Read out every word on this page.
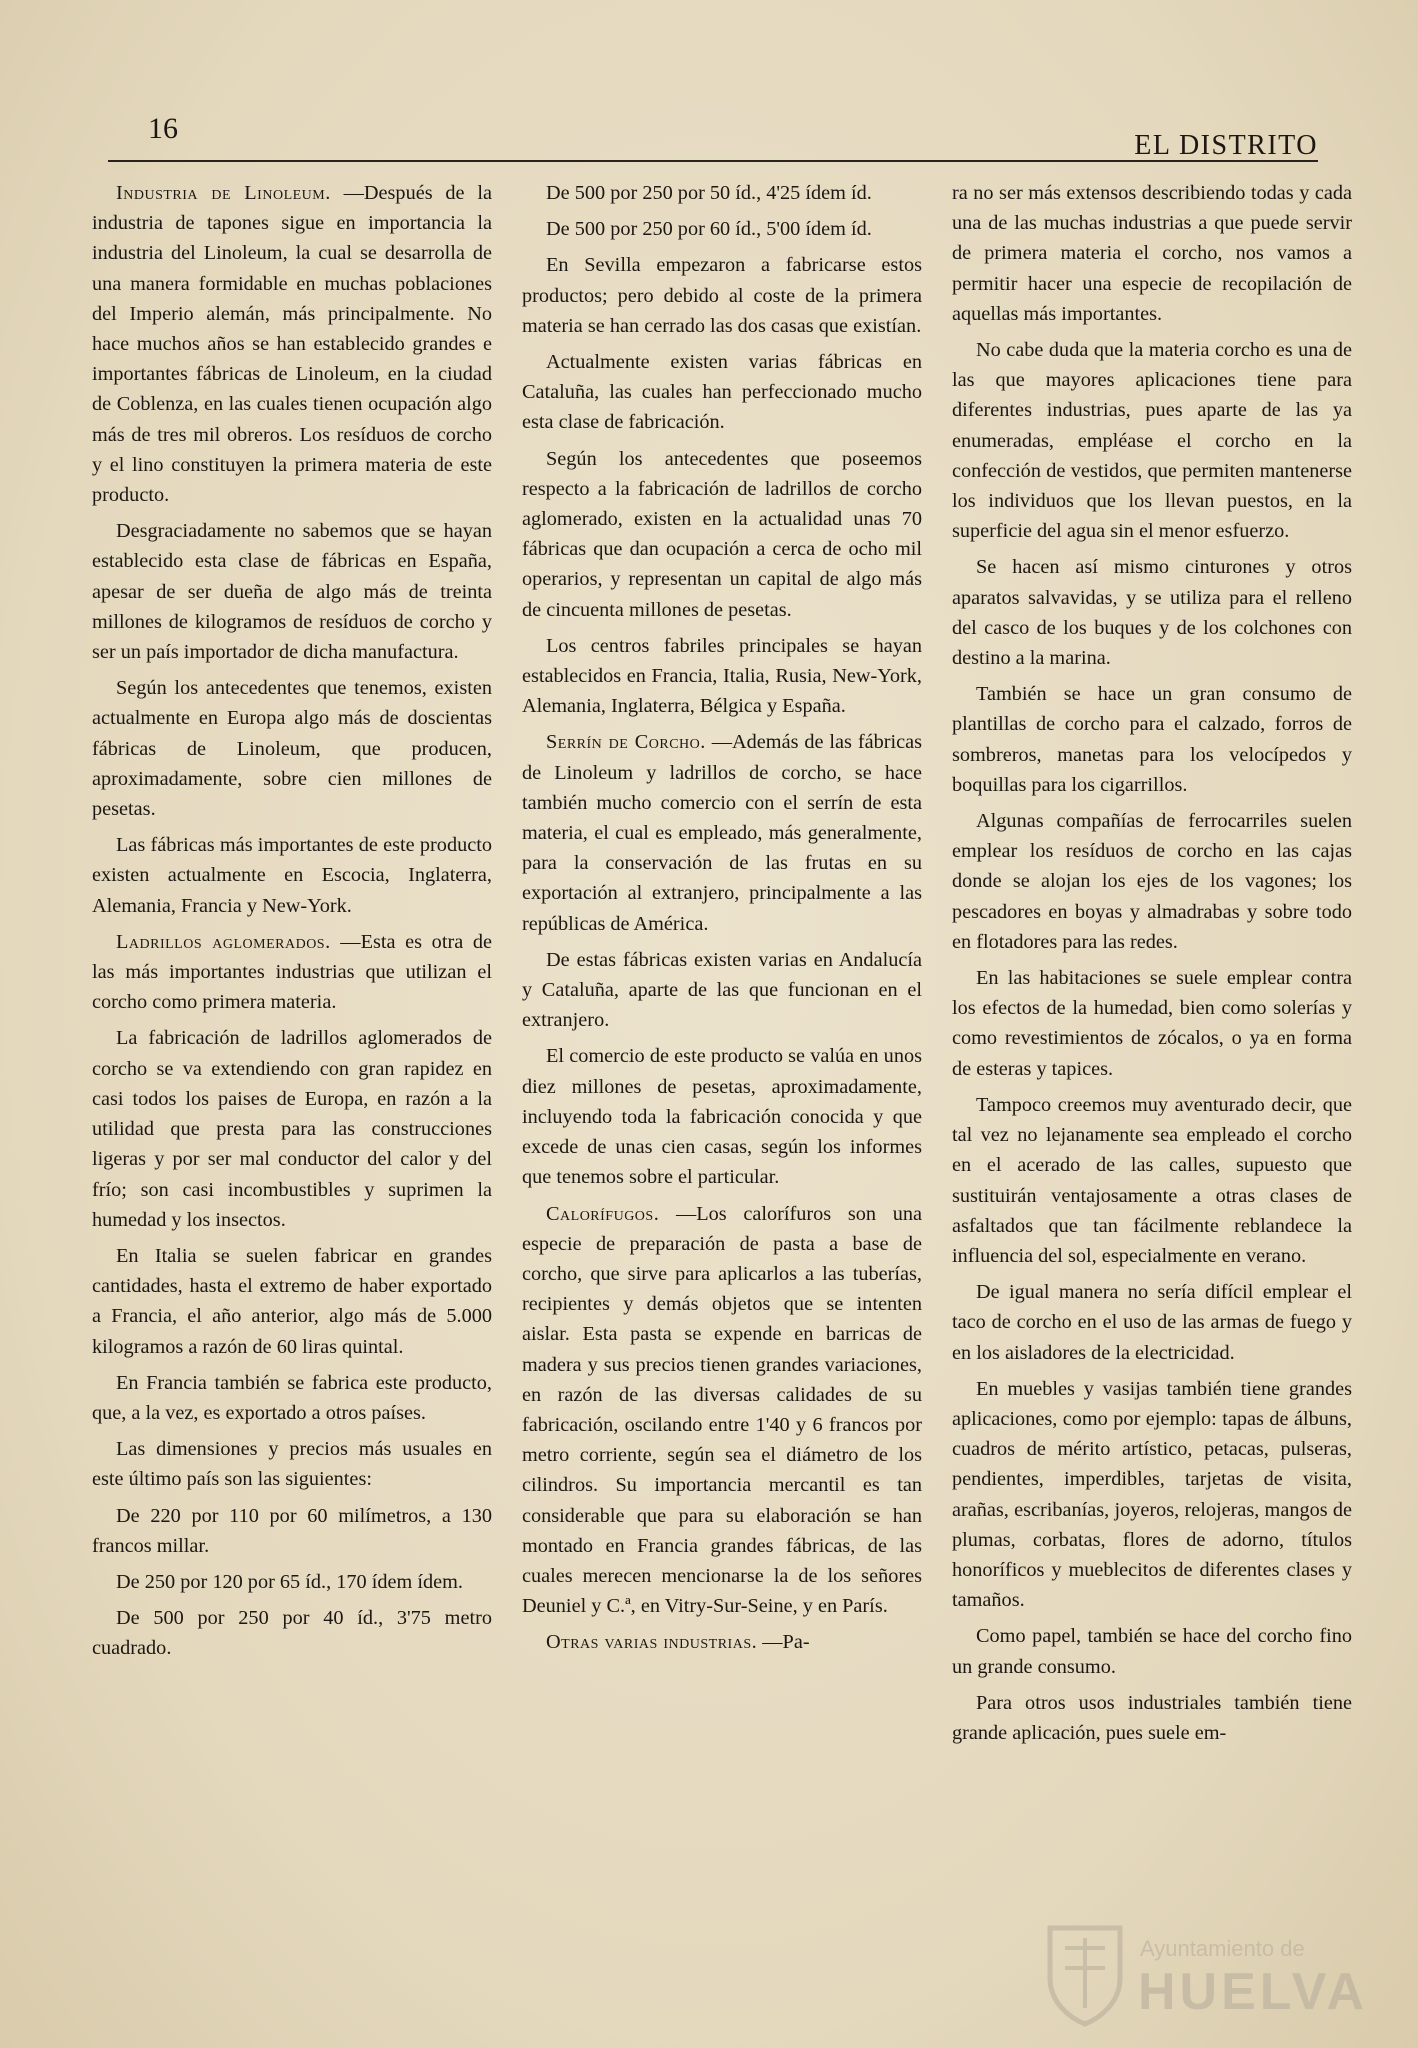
16
EL DISTRITO

Industria de Linoleum. —Después de la industria de tapones sigue en importancia la industria del Linoleum, la cual se desarrolla de una manera formidable en muchas poblaciones del Imperio alemán, más principalmente. No hace muchos años se han establecido grandes e importantes fábricas de Linoleum, en la ciudad de Coblenza, en las cuales tienen ocupación algo más de tres mil obreros. Los resíduos de corcho y el lino constituyen la primera materia de este producto.

Desgraciadamente no sabemos que se hayan establecido esta clase de fábricas en España, apesar de ser dueña de algo más de treinta millones de kilogramos de resíduos de corcho y ser un país importador de dicha manufactura.

Según los antecedentes que tenemos, existen actualmente en Europa algo más de doscientas fábricas de Linoleum, que producen, aproximadamente, sobre cien millones de pesetas.

Las fábricas más importantes de este producto existen actualmente en Escocia, Inglaterra, Alemania, Francia y New-York.

Ladrillos aglomerados. —Esta es otra de las más importantes industrias que utilizan el corcho como primera materia.

La fabricación de ladrillos aglomerados de corcho se va extendiendo con gran rapidez en casi todos los paises de Europa, en razón a la utilidad que presta para las construcciones ligeras y por ser mal conductor del calor y del frío; son casi incombustibles y suprimen la humedad y los insectos.

En Italia se suelen fabricar en grandes cantidades, hasta el extremo de haber exportado a Francia, el año anterior, algo más de 5.000 kilogramos a razón de 60 liras quintal.

En Francia también se fabrica este producto, que, a la vez, es exportado a otros países.

Las dimensiones y precios más usuales en este último país son las siguientes:

De 220 por 110 por 60 milímetros, a 130 francos millar.

De 250 por 120 por 65 íd., 170 ídem ídem.

De 500 por 250 por 40 íd., 3'75 metro cuadrado.

De 500 por 250 por 50 íd., 4'25 ídem íd.

De 500 por 250 por 60 íd., 5'00 ídem íd.

En Sevilla empezaron a fabricarse estos productos; pero debido al coste de la primera materia se han cerrado las dos casas que existían.

Actualmente existen varias fábricas en Cataluña, las cuales han perfeccionado mucho esta clase de fabricación.

Según los antecedentes que poseemos respecto a la fabricación de ladrillos de corcho aglomerado, existen en la actualidad unas 70 fábricas que dan ocupación a cerca de ocho mil operarios, y representan un capital de algo más de cincuenta millones de pesetas.

Los centros fabriles principales se hayan establecidos en Francia, Italia, Rusia, New-York, Alemania, Inglaterra, Bélgica y España.

Serrín de Corcho. —Además de las fábricas de Linoleum y ladrillos de corcho, se hace también mucho comercio con el serrín de esta materia, el cual es empleado, más generalmente, para la conservación de las frutas en su exportación al extranjero, principalmente a las repúblicas de América.

De estas fábricas existen varias en Andalucía y Cataluña, aparte de las que funcionan en el extranjero.

El comercio de este producto se valúa en unos diez millones de pesetas, aproximadamente, incluyendo toda la fabricación conocida y que excede de unas cien casas, según los informes que tenemos sobre el particular.

Calorífugos. —Los calorífuros son una especie de preparación de pasta a base de corcho, que sirve para aplicarlos a las tuberías, recipientes y demás objetos que se intenten aislar. Esta pasta se expende en barricas de madera y sus precios tienen grandes variaciones, en razón de las diversas calidades de su fabricación, oscilando entre 1'40 y 6 francos por metro corriente, según sea el diámetro de los cilindros. Su importancia mercantil es tan considerable que para su elaboración se han montado en Francia grandes fábricas, de las cuales merecen mencionarse la de los señores Deuniel y C.ª, en Vitry-Sur-Seine, y en París.

Otras varias industrias. —Pa-

ra no ser más extensos describiendo todas y cada una de las muchas industrias a que puede servir de primera materia el corcho, nos vamos a permitir hacer una especie de recopilación de aquellas más importantes.

No cabe duda que la materia corcho es una de las que mayores aplicaciones tiene para diferentes industrias, pues aparte de las ya enumeradas, empléase el corcho en la confección de vestidos, que permiten mantenerse los individuos que los llevan puestos, en la superficie del agua sin el menor esfuerzo.

Se hacen así mismo cinturones y otros aparatos salvavidas, y se utiliza para el relleno del casco de los buques y de los colchones con destino a la marina.

También se hace un gran consumo de plantillas de corcho para el calzado, forros de sombreros, manetas para los velocípedos y boquillas para los cigarrillos.

Algunas compañías de ferrocarriles suelen emplear los resíduos de corcho en las cajas donde se alojan los ejes de los vagones; los pescadores en boyas y almadrabas y sobre todo en flotadores para las redes.

En las habitaciones se suele emplear contra los efectos de la humedad, bien como solerías y como revestimientos de zócalos, o ya en forma de esteras y tapices.

Tampoco creemos muy aventurado decir, que tal vez no lejanamente sea empleado el corcho en el acerado de las calles, supuesto que sustituirán ventajosamente a otras clases de asfaltados que tan fácilmente reblandece la influencia del sol, especialmente en verano.

De igual manera no sería difícil emplear el taco de corcho en el uso de las armas de fuego y en los aisladores de la electricidad.

En muebles y vasijas también tiene grandes aplicaciones, como por ejemplo: tapas de álbuns, cuadros de mérito artístico, petacas, pulseras, pendientes, imperdibles, tarjetas de visita, arañas, escribanías, joyeros, relojeras, mangos de plumas, corbatas, flores de adorno, títulos honoríficos y mueblecitos de diferentes clases y tamaños.

Como papel, también se hace del corcho fino un grande consumo.

Para otros usos industriales también tiene grande aplicación, pues suele em-

Ayuntamiento de
HUELVA
